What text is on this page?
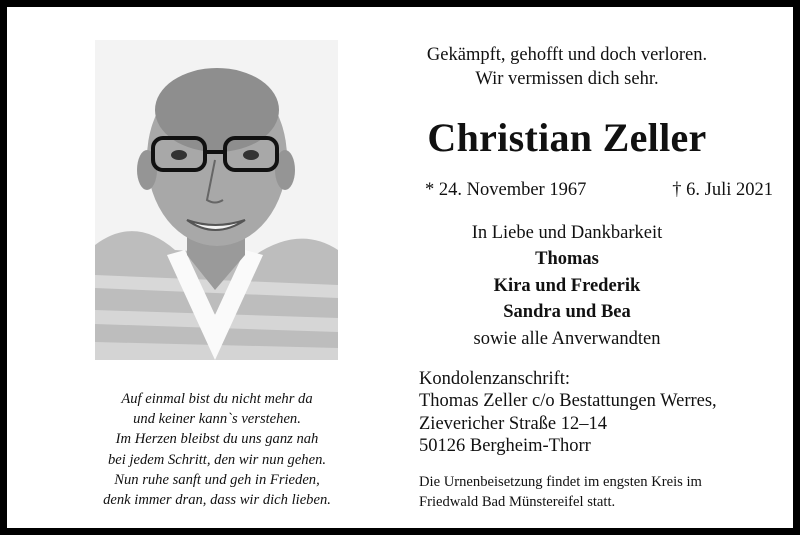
Auf einmal bist du nicht mehr da
und keiner kann`s verstehen.
Im Herzen bleibst du uns ganz nah
bei jedem Schritt, den wir nun gehen.
Nun ruhe sanft und geh in Frieden,
denk immer dran, dass wir dich lieben.
Gekämpft, gehofft und doch verloren.
Wir vermissen dich sehr.
Christian Zeller
* 24. November 1967	† 6. Juli 2021
In Liebe und Dankbarkeit
Thomas
Kira und Frederik
Sandra und Bea
sowie alle Anverwandten
Kondolenzanschrift:
Thomas Zeller c/o Bestattungen Werres,
Zievericher Straße 12–14
50126 Bergheim-Thorr
Die Urnenbeisetzung findet im engsten Kreis im Friedwald Bad Münstereifel statt.
